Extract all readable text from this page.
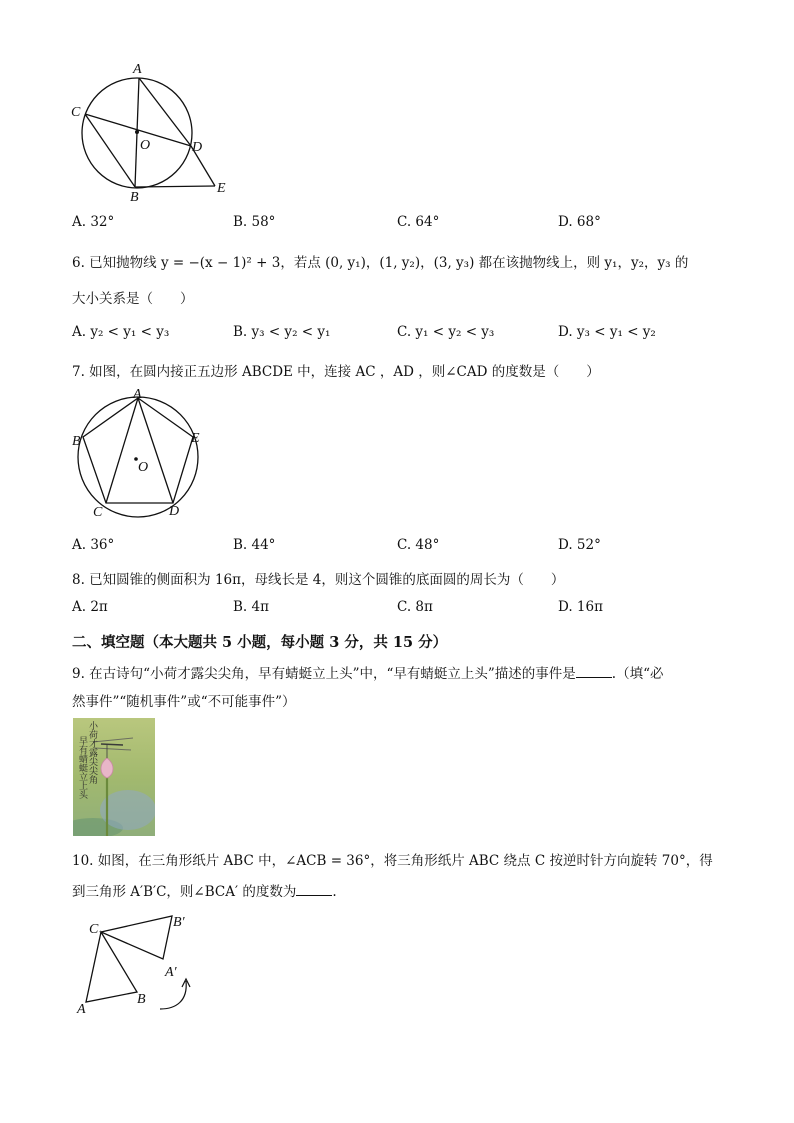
A
C
O	D
B
E
A. 32°	B. 58°	C. 64°	D. 68°
6. 已知抛物线 y = −(x − 1)² + 3，若点 (0, y₁)，(1, y₂)，(3, y₃) 都在该抛物线上，则 y₁，y₂，y₃ 的
大小关系是（　　）
A. y₂ < y₁ < y₃	B. y₃ < y₂ < y₁	C. y₁ < y₂ < y₃	D. y₃ < y₁ < y₂
7. 如图，在圆内接正五边形 ABCDE 中，连接 AC ，AD ，则∠CAD 的度数是（　　）
A
B	E
O
C	D
A. 36°	B. 44°	C. 48°	D. 52°
8. 已知圆锥的侧面积为 16π，母线长是 4，则这个圆锥的底面圆的周长为（　　）
A. 2π	B. 4π	C. 8π	D. 16π
二、填空题（本大题共 5 小题，每小题 3 分，共 15 分）
9. 在古诗句“小荷才露尖尖角，早有蜻蜓立上头”中，“早有蜻蜓立上头”描述的事件是	.（填“必
然事件”“随机事件”或“不可能事件”）
小荷才露尖尖角
早有蜻蜓立上头
10. 如图，在三角形纸片 ABC 中，∠ACB = 36°，将三角形纸片 ABC 绕点 C 按逆时针方向旋转 70°，得
到三角形 A′B′C，则∠BCA′ 的度数为	.
C	B′
A′
B
A
